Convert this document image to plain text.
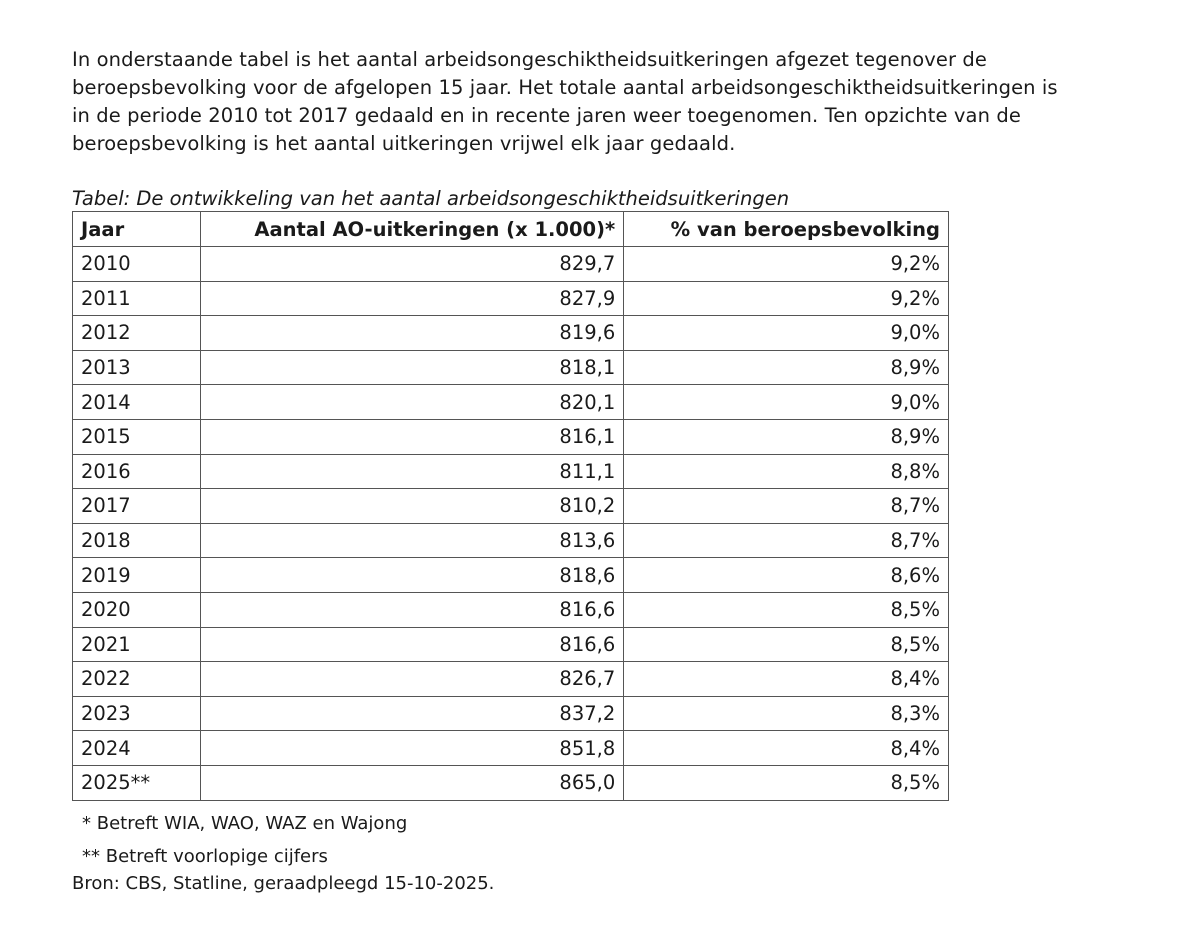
In onderstaande tabel is het aantal arbeidsongeschiktheidsuitkeringen afgezet tegenover de
beroepsbevolking voor de afgelopen 15 jaar. Het totale aantal arbeidsongeschiktheidsuitkeringen is
in de periode 2010 tot 2017 gedaald en in recente jaren weer toegenomen. Ten opzichte van de
beroepsbevolking is het aantal uitkeringen vrijwel elk jaar gedaald.

Tabel: De ontwikkeling van het aantal arbeidsongeschiktheidsuitkeringen
Jaar	Aantal AO-uitkeringen (x 1.000)*	% van beroepsbevolking
2010	829,7	9,2%
2011	827,9	9,2%
2012	819,6	9,0%
2013	818,1	8,9%
2014	820,1	9,0%
2015	816,1	8,9%
2016	811,1	8,8%
2017	810,2	8,7%
2018	813,6	8,7%
2019	818,6	8,6%
2020	816,6	8,5%
2021	816,6	8,5%
2022	826,7	8,4%
2023	837,2	8,3%
2024	851,8	8,4%
2025**	865,0	8,5%

* Betreft WIA, WAO, WAZ en Wajong

** Betreft voorlopige cijfers

Bron: CBS, Statline, geraadpleegd 15-10-2025.
